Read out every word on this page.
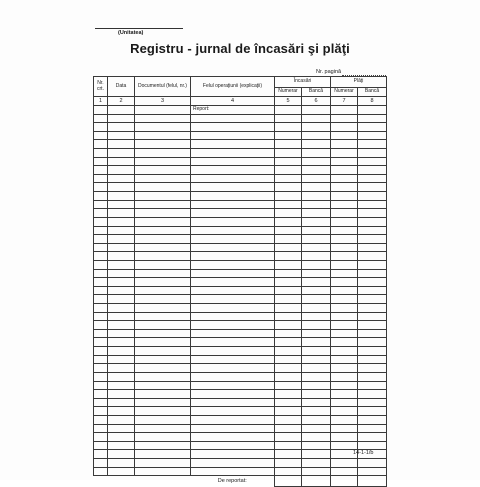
(Unitatea)
Registru - jurnal de încasări şi plăţi
Nr. pagină
Nr. crt.	Data	Documentul (felul, nr.)	Felul operaţiunii (explicaţii)	Încasări		Plăţi	
				Numerar	Bancă	Numerar	Bancă
1	2	3	4	5	6	7	8
			Report:				

			De reportat:				
14-1-1/b
